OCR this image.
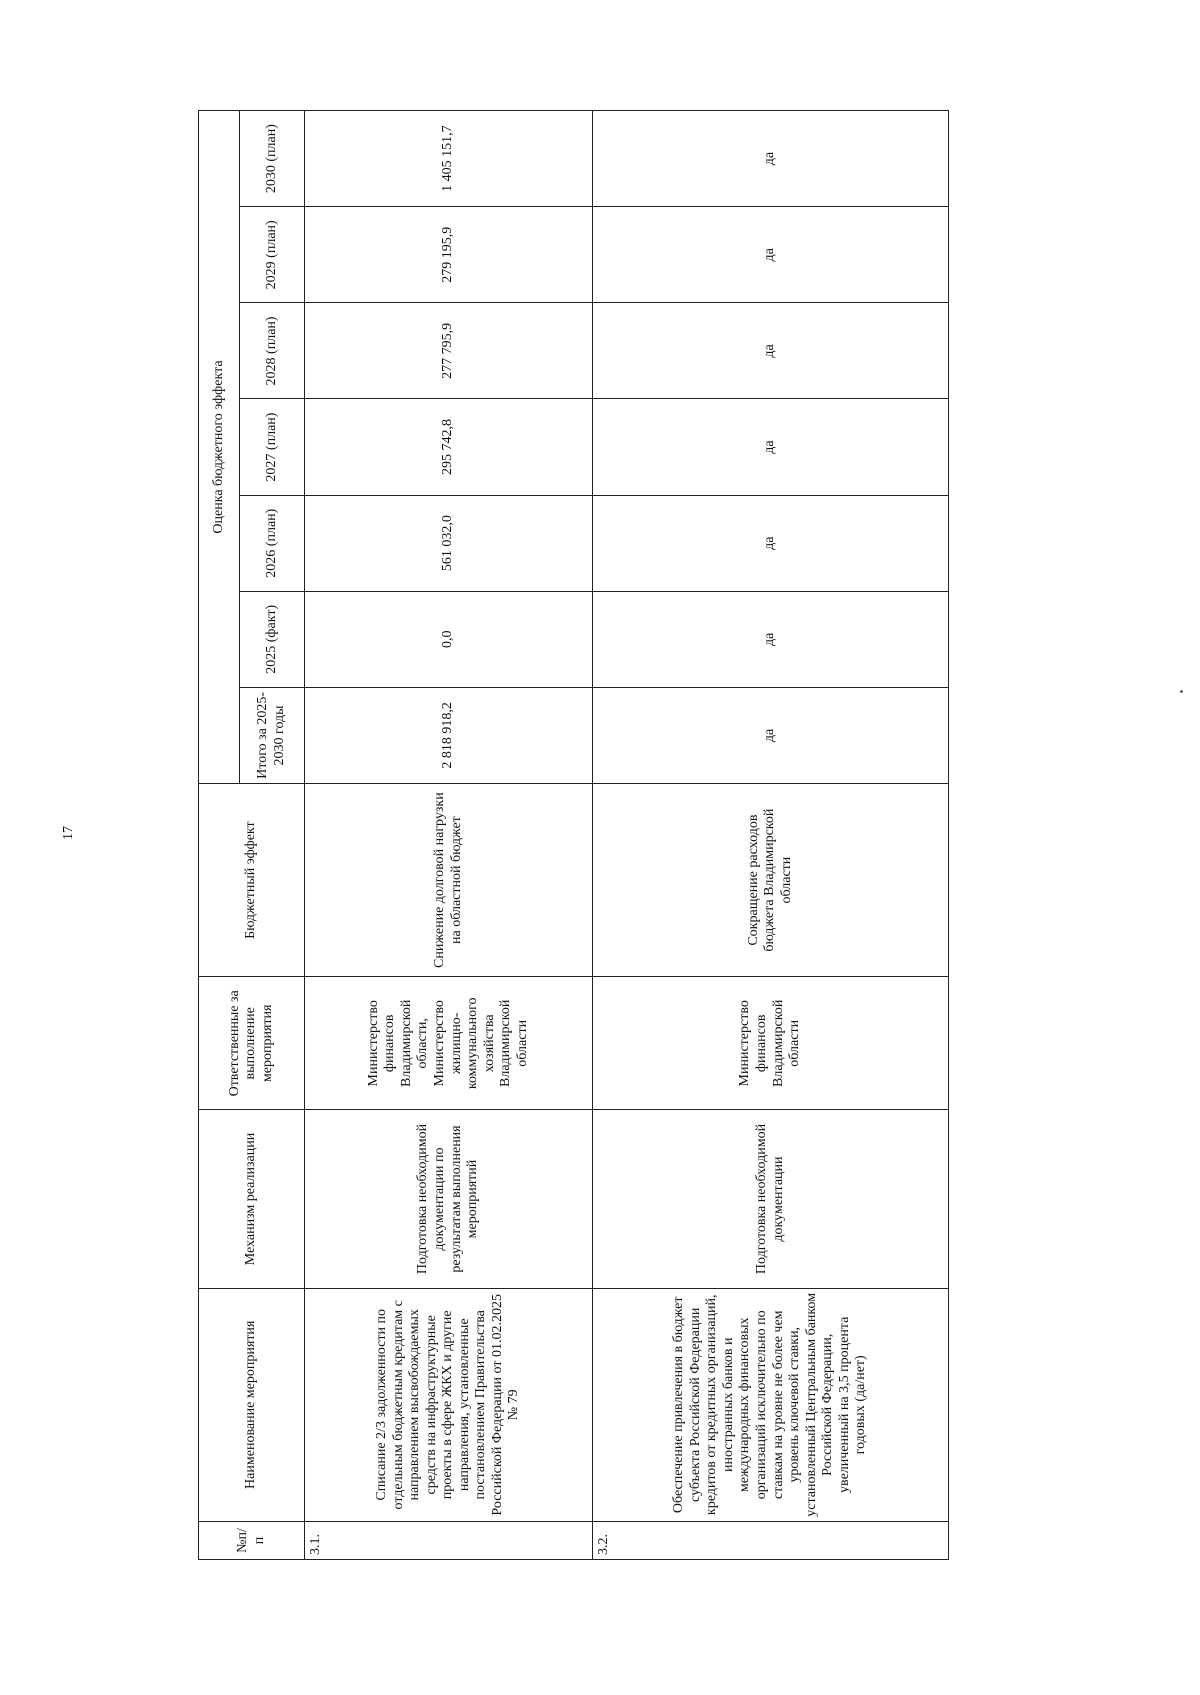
17
№п/п	Наименование мероприятия	Механизм реализации	Ответственные за выполнение мероприятия	Бюджетный эффект	Оценка бюджетного эффекта						
					Итого за 2025-2030 годы	2025 (факт)	2026 (план)	2027 (план)	2028 (план)	2029 (план)	2030 (план)
3.1.	Списание 2/3 задолженности по отдельным бюджетным кредитам с направлением высвобождаемых средств на инфраструктурные проекты в сфере ЖКХ и другие направления, установленные постановлением Правительства Российской Федерации от 01.02.2025 № 79	Подготовка необходимой документации по результатам выполнения мероприятий	Министерство финансов Владимирской области, Министерство жилищно-коммунального хозяйства Владимирской области	Снижение долговой нагрузки на областной бюджет	2 818 918,2	0,0	561 032,0	295 742,8	277 795,9	279 195,9	1 405 151,7
3.2.	Обеспечение привлечения в бюджет субъекта Российской Федерации кредитов от кредитных организаций, иностранных банков и международных финансовых организаций исключительно по ставкам на уровне не более чем уровень ключевой ставки, установленный Центральным банком Российской Федерации, увеличенный на 3,5 процента годовых (да/нет)	Подготовка необходимой документации	Министерство финансов Владимирской области	Сокращение расходов бюджета Владимирской области	да	да	да	да	да	да	да
